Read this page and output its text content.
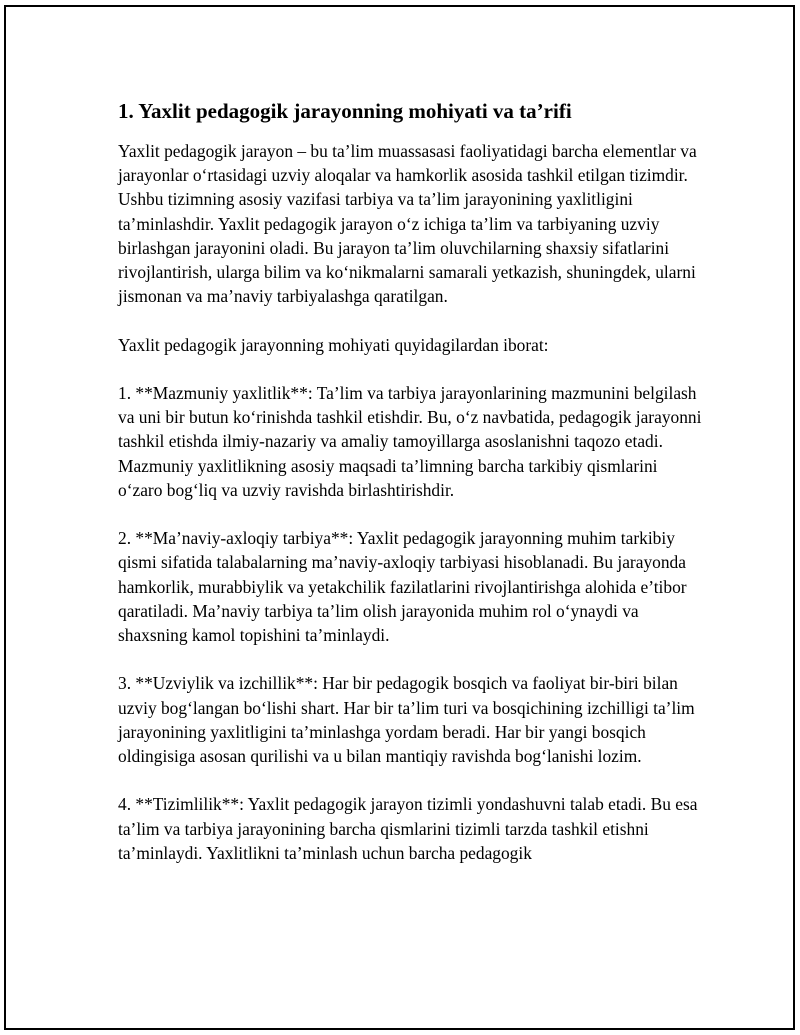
1. Yaxlit pedagogik jarayonning mohiyati va ta’rifi

Yaxlit pedagogik jarayon – bu ta’lim muassasasi faoliyatidagi barcha elementlar va jarayonlar o‘rtasidagi uzviy aloqalar va hamkorlik asosida tashkil etilgan tizimdir. Ushbu tizimning asosiy vazifasi tarbiya va ta’lim jarayonining yaxlitligini ta’minlashdir. Yaxlit pedagogik jarayon o‘z ichiga ta’lim va tarbiyaning uzviy birlashgan jarayonini oladi. Bu jarayon ta’lim oluvchilarning shaxsiy sifatlarini rivojlantirish, ularga bilim va ko‘nikmalarni samarali yetkazish, shuningdek, ularni jismonan va ma’naviy tarbiyalashga qaratilgan.

Yaxlit pedagogik jarayonning mohiyati quyidagilardan iborat:

1. **Mazmuniy yaxlitlik**: Ta’lim va tarbiya jarayonlarining mazmunini belgilash va uni bir butun ko‘rinishda tashkil etishdir. Bu, o‘z navbatida, pedagogik jarayonni tashkil etishda ilmiy-nazariy va amaliy tamoyillarga asoslanishni taqozo etadi. Mazmuniy yaxlitlikning asosiy maqsadi ta’limning barcha tarkibiy qismlarini o‘zaro bog‘liq va uzviy ravishda birlashtirishdir.

2. **Ma’naviy-axloqiy tarbiya**: Yaxlit pedagogik jarayonning muhim tarkibiy qismi sifatida talabalarning ma’naviy-axloqiy tarbiyasi hisoblanadi. Bu jarayonda hamkorlik, murabbiylik va yetakchilik fazilatlarini rivojlantirishga alohida e’tibor qaratiladi. Ma’naviy tarbiya ta’lim olish jarayonida muhim rol o‘ynaydi va shaxsning kamol topishini ta’minlaydi.

3. **Uzviylik va izchillik**: Har bir pedagogik bosqich va faoliyat bir-biri bilan uzviy bog‘langan bo‘lishi shart. Har bir ta’lim turi va bosqichining izchilligi ta’lim jarayonining yaxlitligini ta’minlashga yordam beradi. Har bir yangi bosqich oldingisiga asosan qurilishi va u bilan mantiqiy ravishda bog‘lanishi lozim.

4. **Tizimlilik**: Yaxlit pedagogik jarayon tizimli yondashuvni talab etadi. Bu esa ta’lim va tarbiya jarayonining barcha qismlarini tizimli tarzda tashkil etishni ta’minlaydi. Yaxlitlikni ta’minlash uchun barcha pedagogik
